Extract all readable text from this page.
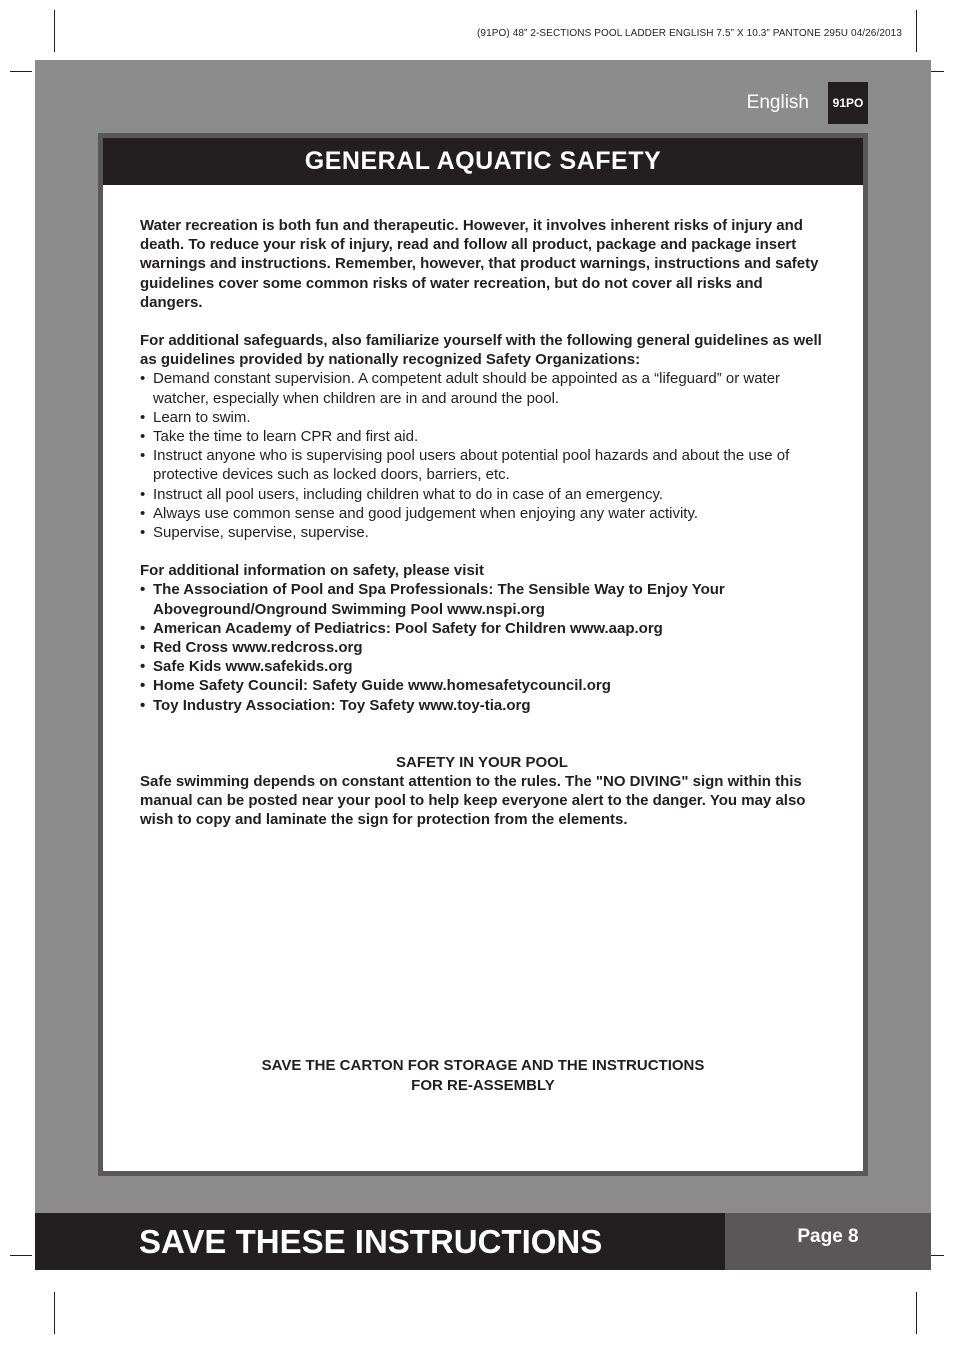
(91PO) 48” 2-SECTIONS POOL LADDER ENGLISH 7.5” X 10.3” PANTONE 295U 04/26/2013
English	91PO
GENERAL AQUATIC SAFETY

Water recreation is both fun and therapeutic. However, it involves inherent risks of injury and death. To reduce your risk of injury, read and follow all product, package and package insert warnings and instructions. Remember, however, that product warnings, instructions and safety guidelines cover some common risks of water recreation, but do not cover all risks and dangers.

For additional safeguards, also familiarize yourself with the following general guidelines as well as guidelines provided by nationally recognized Safety Organizations:

• Demand constant supervision. A competent adult should be appointed as a “lifeguard” or water watcher, especially when children are in and around the pool.
• Learn to swim.
• Take the time to learn CPR and first aid.
• Instruct anyone who is supervising pool users about potential pool hazards and about the use of protective devices such as locked doors, barriers, etc.
• Instruct all pool users, including children what to do in case of an emergency.
• Always use common sense and good judgement when enjoying any water activity.
• Supervise, supervise, supervise.

For additional information on safety, please visit

• The Association of Pool and Spa Professionals: The Sensible Way to Enjoy Your Aboveground/Onground Swimming Pool www.nspi.org
• American Academy of Pediatrics: Pool Safety for Children www.aap.org
• Red Cross www.redcross.org
• Safe Kids www.safekids.org
• Home Safety Council: Safety Guide www.homesafetycouncil.org
• Toy Industry Association: Toy Safety www.toy-tia.org

SAFETY IN YOUR POOL

Safe swimming depends on constant attention to the rules. The "NO DIVING" sign within this manual can be posted near your pool to help keep everyone alert to the danger. You may also wish to copy and laminate the sign for protection from the elements.

SAVE THE CARTON FOR STORAGE AND THE INSTRUCTIONS
FOR RE-ASSEMBLY
SAVE THESE INSTRUCTIONS	Page 8
